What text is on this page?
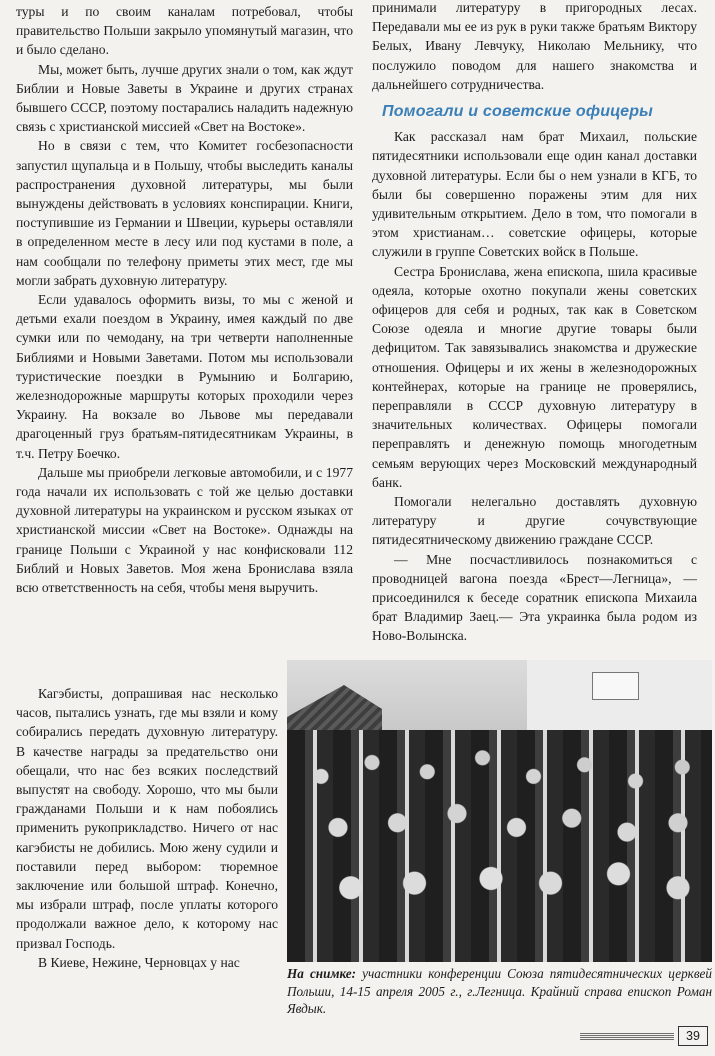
туры и по своим каналам потребовал, чтобы правительство Польши закрыло упомянутый магазин, что и было сделано.

Мы, может быть, лучше других знали о том, как ждут Библии и Новые Заветы в Украине и других странах бывшего СССР, поэтому постарались наладить надежную связь с христианской миссией «Свет на Востоке».

Но в связи с тем, что Комитет госбезопасности запустил щупальца и в Польшу, чтобы выследить каналы распространения духовной литературы, мы были вынуждены действовать в условиях конспирации. Книги, поступившие из Германии и Швеции, курьеры оставляли в определенном месте в лесу или под кустами в поле, а нам сообщали по телефону приметы этих мест, где мы могли забрать духовную литературу.

Если удавалось оформить визы, то мы с женой и детьми ехали поездом в Украину, имея каждый по две сумки или по чемодану, на три четверти наполненные Библиями и Новыми Заветами. Потом мы использовали туристические поездки в Румынию и Болгарию, железнодорожные маршруты которых проходили через Украину. На вокзале во Львове мы передавали драгоценный груз братьям-пятидесятникам Украины, в т.ч. Петру Боечко.

Дальше мы приобрели легковые автомобили, и с 1977 года начали их использовать с той же целью доставки духовной литературы на украинском и русском языках от христианской миссии «Свет на Востоке». Однажды на границе Польши с Украиной у нас конфисковали 112 Библий и Новых Заветов. Моя жена Бронислава взяла всю ответственность на себя, чтобы меня выручить.

Кагэбисты, допрашивая нас несколько часов, пытались узнать, где мы взяли и кому собирались передать духовную литературу. В качестве награды за предательство они обещали, что нас без всяких последствий выпустят на свободу. Хорошо, что мы были гражданами Польши и к нам побоялись применить рукоприкладство. Ничего от нас кагэбисты не добились. Мою жену судили и поставили перед выбором: тюремное заключение или большой штраф. Конечно, мы избрали штраф, после уплаты которого продолжали важное дело, к которому нас призвал Господь.

В Киеве, Нежине, Черновцах у нас

принимали литературу в пригородных лесах. Передавали мы ее из рук в руки также братьям Виктору Белых, Ивану Левчуку, Николаю Мельнику, что послужило поводом для нашего знакомства и дальнейшего сотрудничества.

Помогали и советские офицеры

Как рассказал нам брат Михаил, польские пятидесятники использовали еще один канал доставки духовной литературы. Если бы о нем узнали в КГБ, то были бы совершенно поражены этим для них удивительным открытием. Дело в том, что помогали в этом христианам… советские офицеры, которые служили в группе Советских войск в Польше.

Сестра Бронислава, жена епископа, шила красивые одеяла, которые охотно покупали жены советских офицеров для себя и родных, так как в Советском Союзе одеяла и многие другие товары были дефицитом. Так завязывались знакомства и дружеские отношения. Офицеры и их жены в железнодорожных контейнерах, которые на границе не проверялись, переправляли в СССР духовную литературу в значительных количествах. Офицеры помогали переправлять и денежную помощь многодетным семьям верующих через Московский международный банк.

Помогали нелегально доставлять духовную литературу и другие сочувствующие пятидесятническому движению граждане СССР.

— Мне посчастливилось познакомиться с проводницей вагона поезда «Брест—Легница», — присоединился к беседе соратник епископа Михаила брат Владимир Заец.— Эта украинка была родом из Ново-Волынска.

На снимке: участники конференции Союза пятидесятнических церквей Польши, 14-15 апреля 2005 г., г.Легница. Крайний справа епископ Роман Явдык.
39
